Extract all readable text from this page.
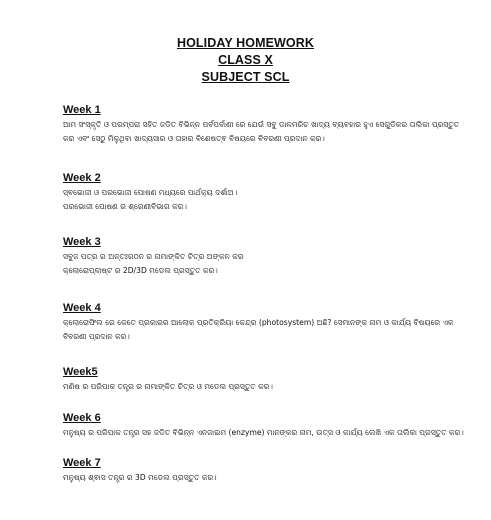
HOLIDAY HOMEWORK
CLASS X
SUBJECT SCL
Week 1
ଆମ ସଂସ୍କୃତି ଓ ପରମ୍ପରା ସହିତ ଜଡିତ ବିଭିନ୍ନ ପର୍ବପର୍ବାଣୀ ରେ ଯେଉଁ ସବୁ ଡାଳମରିଚ ଖାଦ୍ୟ ବ୍ୟବହାର ହୁଏ ସେଗୁଡିକର ତାଲିକା ପ୍ରସ୍ତୁତ
କର ଏବଂ ସେଠୁ ମିଳୁଥିବା ଖାଦ୍ୟସାର ଓ ତାହାର ବିଶେଷତ୍ଵ ବିଷୟରେ ବିବରଣୀ ପ୍ରଦାନ କର।
Week 2
ସ୍ଵଭୋଜୀ ଓ ପରଭୋଜୀ ପୋଷଣ ମଧ୍ୟରେ ପାର୍ଥକ୍ୟ ଦର୍ଶାଅ।
ପରଭୋଜୀ ପୋଷଣ ର ଶ୍ରେଣୀବିଭାଗ କର।
Week 3
ସବୁଜ ପତ୍ର ର ଅନ୍ତଃଗଠନ ର ନାମାଙ୍କିତ ଚିତ୍ର ଅଙ୍କନ କର
କ୍ଲୋରୋପ୍ଲାଷ୍ଟ ର 2D/3D ମଡେଲ ପ୍ରସ୍ତୁତ କର।
Week 4
କ୍ଲୋରୋଫିଲ ରେ କେତେ ପ୍ରକାରର ଆଲୋକ ପ୍ରତିକ୍ରିୟା କେନ୍ଦ୍ର (photosystem) ଅଛି? ସେମାନଙ୍କ ନାମ ଓ କାର୍ଯ୍ୟ ବିଷୟରେ ଏକ
ବିବରଣୀ ପ୍ରଦାନ କର।
Week5
ମଣିଷ ର ପରିପାକ ତନ୍ତ୍ର ର ନାମାଙ୍କିତ ଚିତ୍ର ଓ ମଡେଲ ପ୍ରସ୍ତୁତ କର।
Week 6
ମନୁଷ୍ୟ ର ପରିପାକ ତନ୍ତ୍ର ସହ ଜଡିତ ବିଭିନ୍ନ ଏନଜାଇମ (enzyme) ମାନଙ୍କର ନାମ, ଉତ୍ସ ଓ କାର୍ଯ୍ୟ ଲେଖି ଏକ ତାଲିକା ପ୍ରସ୍ତୁତ କର।
Week 7
ମନୁଷ୍ୟ ଶ୍ଵାସ ତନ୍ତ୍ର ର 3D ମଡେଲ ପ୍ରସ୍ତୁତ କର।
